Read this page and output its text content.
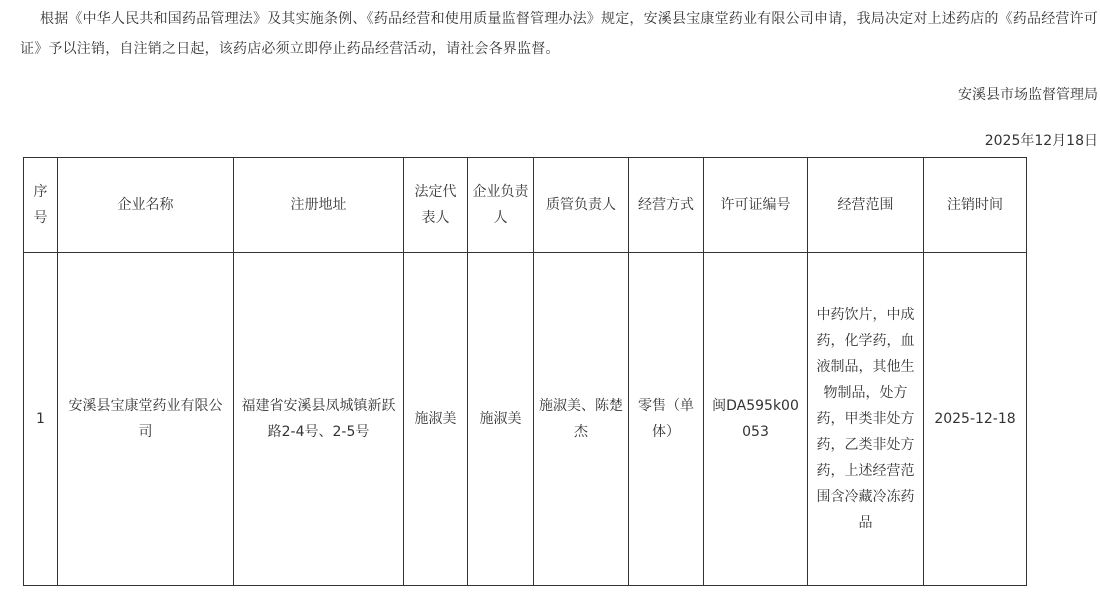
根据《中华人民共和国药品管理法》及其实施条例、《药品经营和使用质量监督管理办法》规定，安溪县宝康堂药业有限公司申请，我局决定对上述药店的《药品经营许可证》予以注销，自注销之日起，该药店必须立即停止药品经营活动，请社会各界监督。

安溪县市场监督管理局
2025年12月18日
序号	企业名称	注册地址	法定代表人	企业负责人	质管负责人	经营方式	许可证编号	经营范围	注销时间
1	安溪县宝康堂药业有限公司	福建省安溪县凤城镇新跃路2-4号、2-5号	施淑美	施淑美	施淑美、陈楚杰	零售（单体）	闽DA595k00053	中药饮片，中成药，化学药，血液制品，其他生物制品，处方药，甲类非处方药，乙类非处方药，上述经营范围含冷藏冷冻药品	2025-12-18
